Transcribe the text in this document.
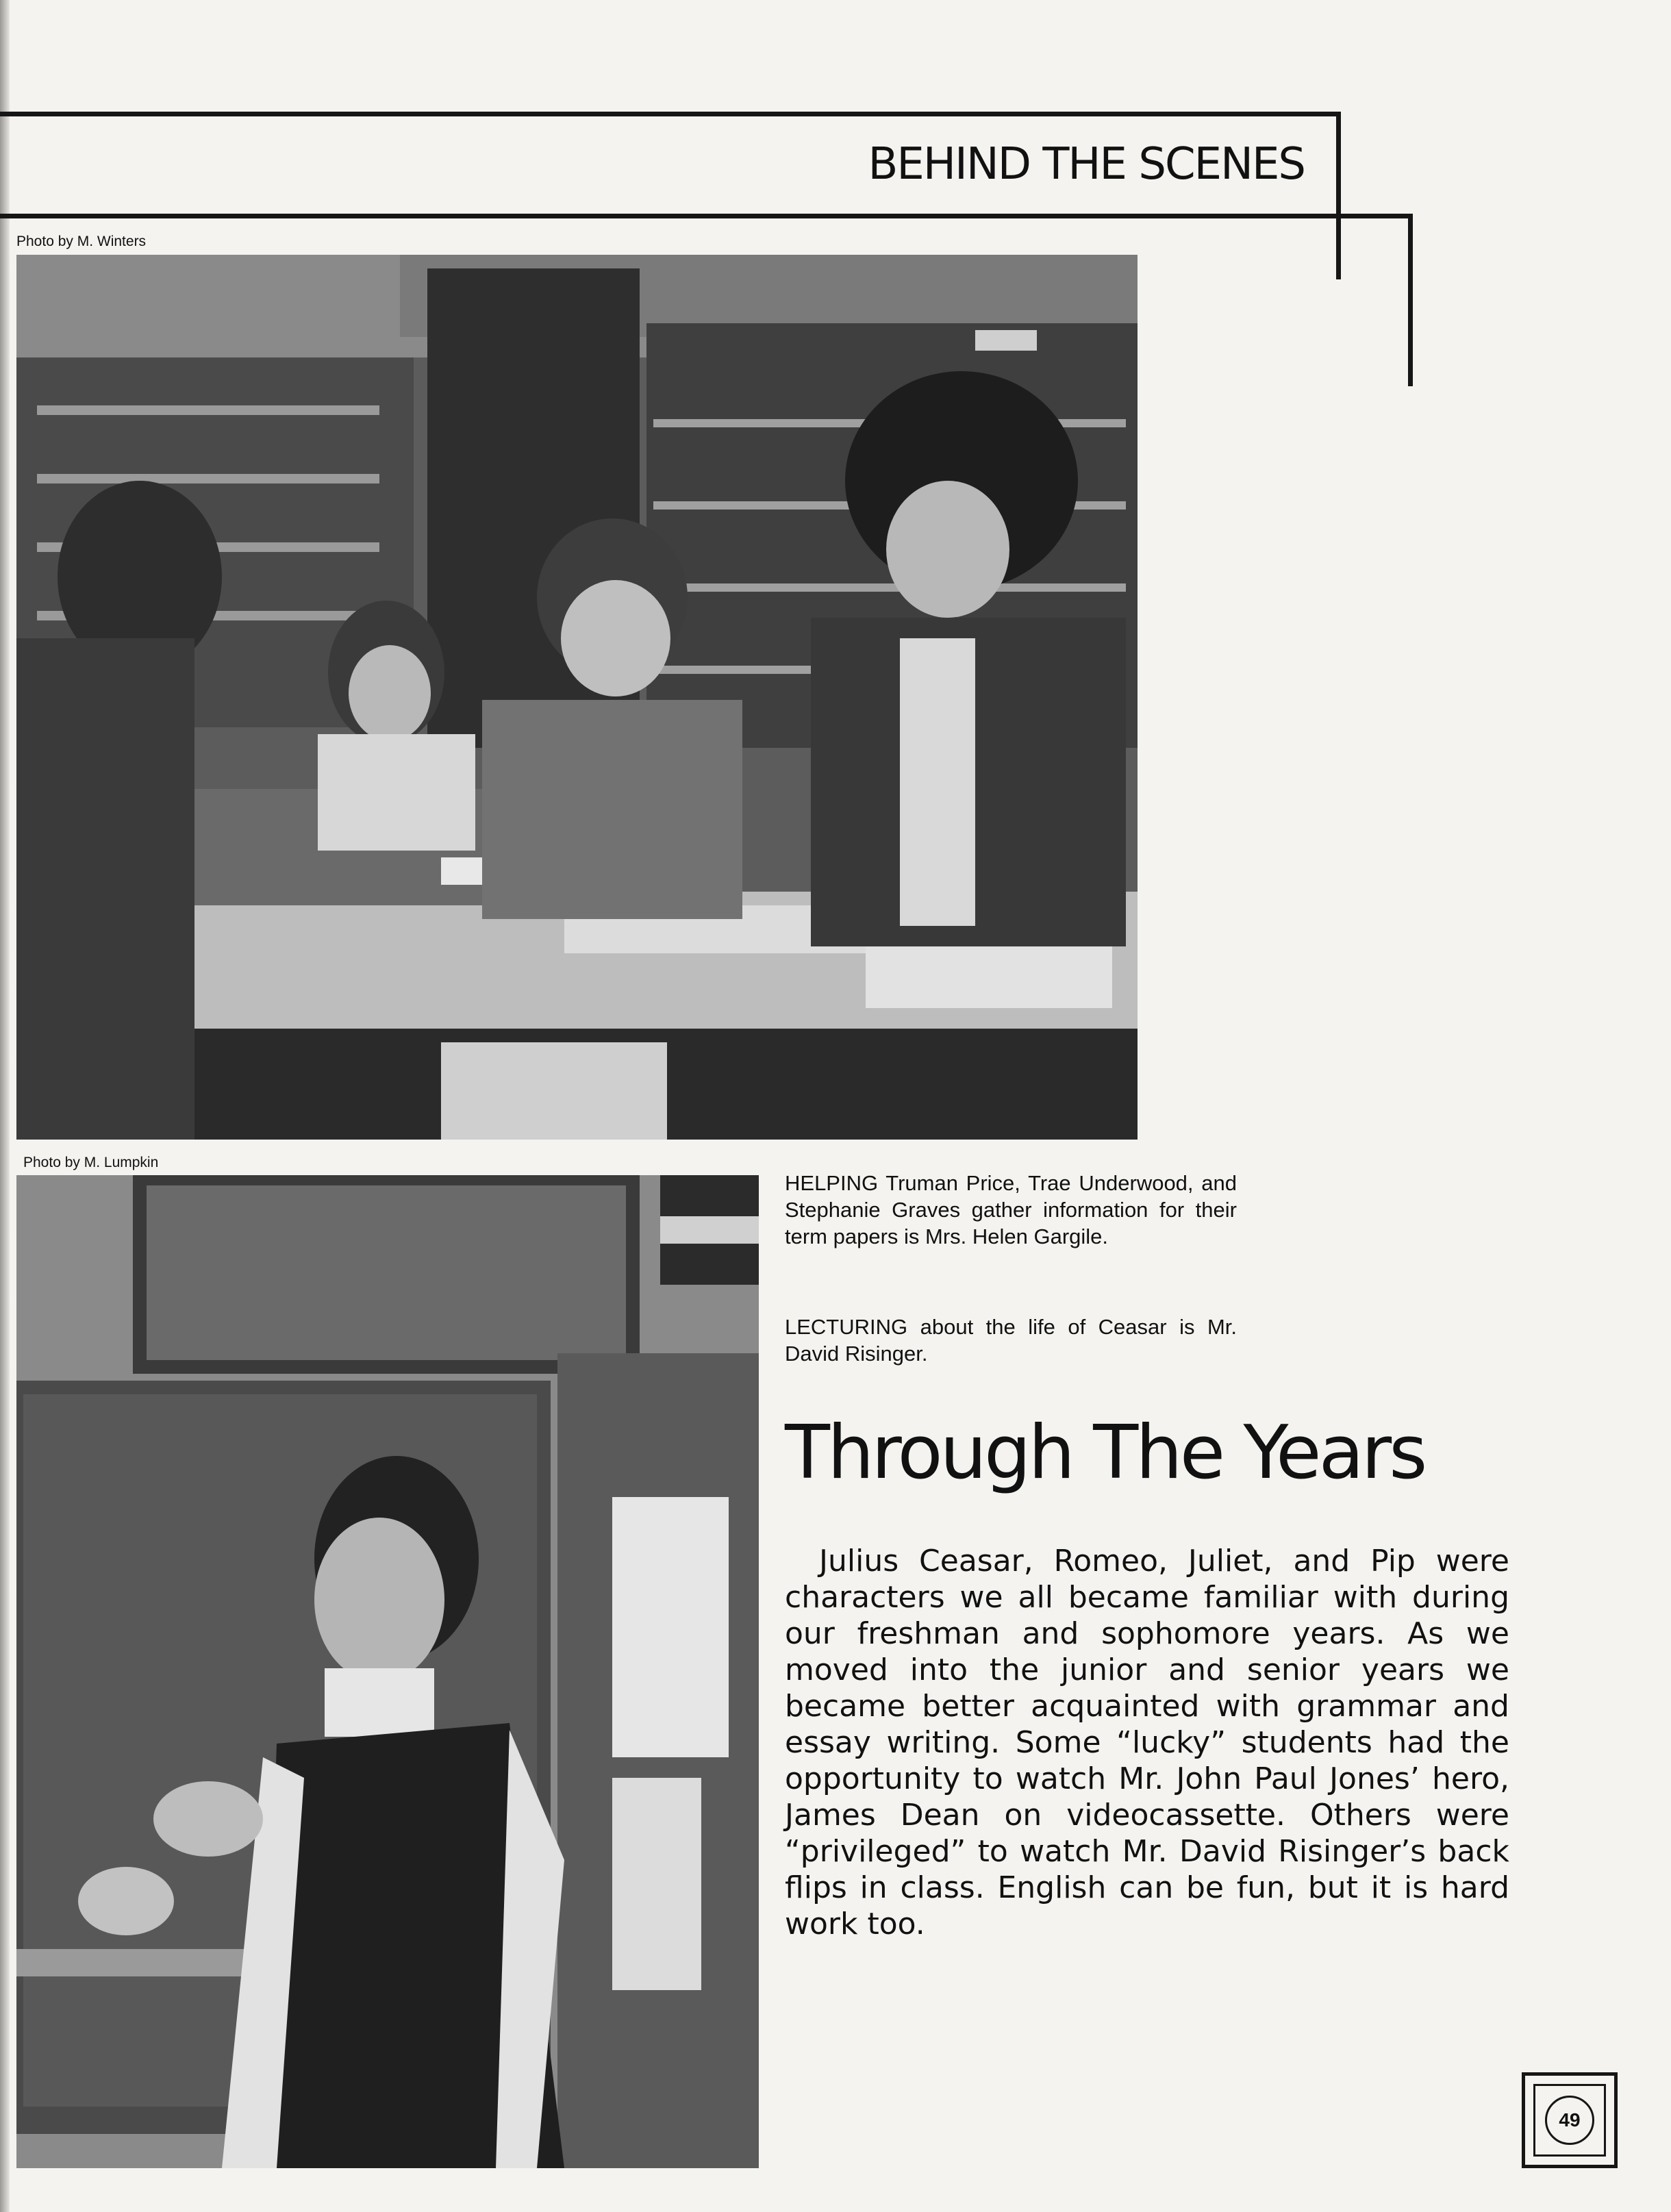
BEHIND THE SCENES
Photo by M. Winters
Photo by M. Lumpkin
HELPING Truman Price, Trae Underwood, and Stephanie Graves gather information for their term papers is Mrs. Helen Gargile.
LECTURING about the life of Ceasar is Mr. David Risinger.
Through The Years
Julius Ceasar, Romeo, Juliet, and Pip were characters we all became familiar with during our freshman and sophomore years. As we moved into the junior and senior years we became better acquainted with grammar and essay writing. Some “lucky” students had the opportunity to watch Mr. John Paul Jones’ hero, James Dean on videocassette. Others were “privileged” to watch Mr. David Risinger’s back flips in class. English can be fun, but it is hard work too.
49
